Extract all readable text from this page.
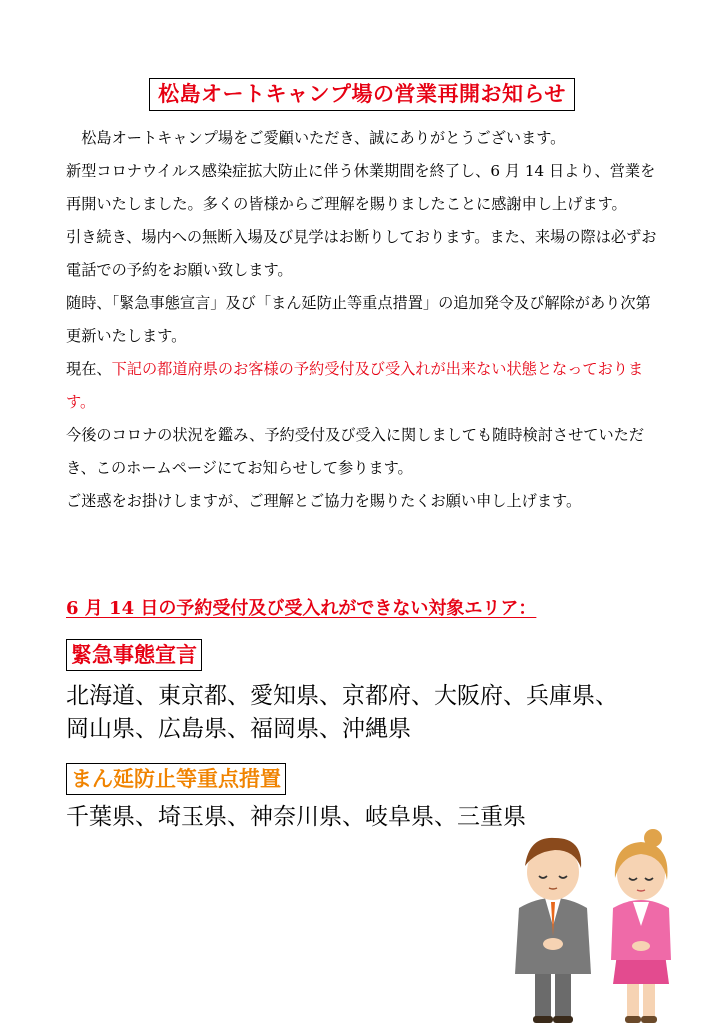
松島オートキャンプ場の営業再開お知らせ

松島オートキャンプ場をご愛顧いただき、誠にありがとうございます。

新型コロナウイルス感染症拡大防止に伴う休業期間を終了し、6 月 14 日より、営業を再開いたしました。多くの皆様からご理解を賜りましたことに感謝申し上げます。

引き続き、場内への無断入場及び見学はお断りしております。また、来場の際は必ずお電話での予約をお願い致します。

随時、「緊急事態宣言」及び「まん延防止等重点措置」の追加発令及び解除があり次第更新いたします。

現在、下記の都道府県のお客様の予約受付及び受入れが出来ない状態となっております。

今後のコロナの状況を鑑み、予約受付及び受入に関しましても随時検討させていただき、このホームページにてお知らせして参ります。

ご迷惑をお掛けしますが、ご理解とご協力を賜りたくお願い申し上げます。

6 月 14 日の予約受付及び受入れができない対象エリア：
緊急事態宣言
北海道、東京都、愛知県、京都府、大阪府、兵庫県、
岡山県、広島県、福岡県、沖縄県
まん延防止等重点措置
千葉県、埼玉県、神奈川県、岐阜県、三重県
